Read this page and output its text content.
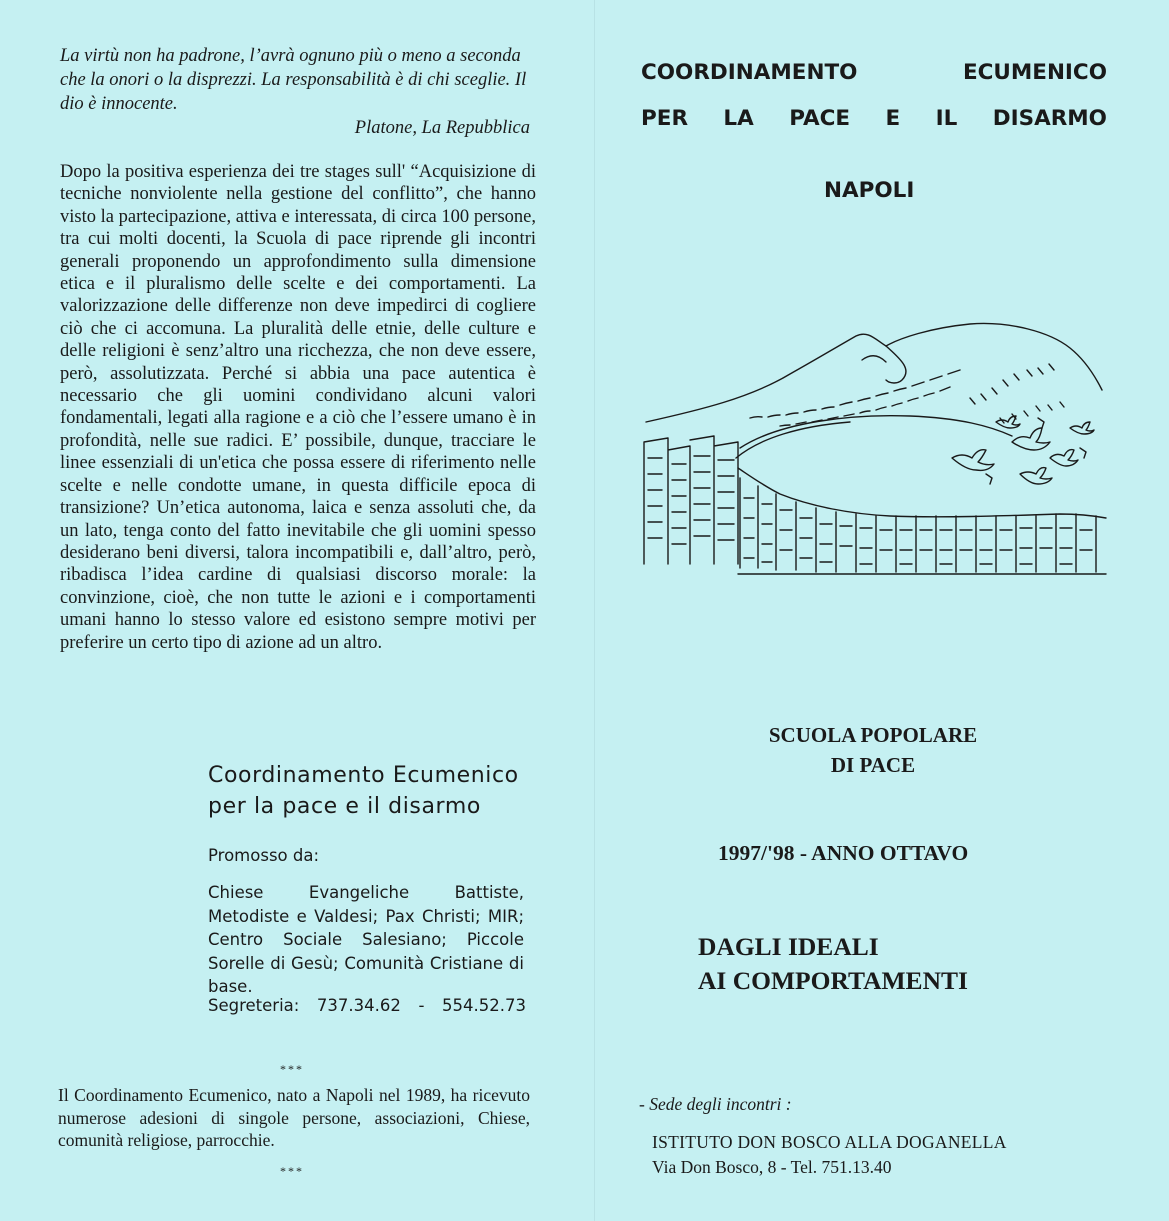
La virtù non ha padrone, l’avrà ognuno più o meno a seconda che la onori o la disprezzi. La responsabilità è di chi sceglie. Il dio è innocente.
Platone, La Repubblica
Dopo la positiva esperienza dei tre stages sull' “Acquisizione di tecniche nonviolente nella gestione del conflitto”, che hanno visto la partecipazione, attiva e interessata, di circa 100 persone, tra cui molti docenti, la Scuola di pace riprende gli incontri generali proponendo un approfondimento sulla dimensione etica e il pluralismo delle scelte e dei comportamenti. La valorizzazione delle differenze non deve impedirci di cogliere ciò che ci accomuna. La pluralità delle etnie, delle culture e delle religioni è senz’altro una ricchezza, che non deve essere, però, assolutizzata. Perché si abbia una pace autentica è necessario che gli uomini condividano alcuni valori fondamentali, legati alla ragione e a ciò che l’essere umano è in profondità, nelle sue radici. E’ possibile, dunque, tracciare le linee essenziali di un'etica che possa essere di riferimento nelle scelte e nelle condotte umane, in questa difficile epoca di transizione? Un’etica autonoma, laica e senza assoluti che, da un lato, tenga conto del fatto inevitabile che gli uomini spesso desiderano beni diversi, talora incompatibili e, dall’altro, però, ribadisca l’idea cardine di qualsiasi discorso morale: la convinzione, cioè, che non tutte le azioni e i comportamenti umani hanno lo stesso valore ed esistono sempre motivi per preferire un certo tipo di azione ad un altro.
Coordinamento Ecumenico
per la pace e il disarmo
Promosso da:
Chiese Evangeliche Battiste, Metodiste e Valdesi; Pax Christi; MIR; Centro Sociale Salesiano; Piccole Sorelle di Gesù; Comunità Cristiane di base.
Segreteria: 737.34.62 - 554.52.73
***
Il Coordinamento Ecumenico, nato a Napoli nel 1989, ha ricevuto numerose adesioni di singole persone, associazioni, Chiese, comunità religiose, parrocchie.
***
COORDINAMENTO	ECUMENICO
PER LA PACE E IL DISARMO
NAPOLI
SCUOLA POPOLARE
DI PACE
1997/'98 - ANNO OTTAVO
DAGLI IDEALI
AI COMPORTAMENTI
- Sede degli incontri :
ISTITUTO DON BOSCO ALLA DOGANELLA
Via Don Bosco, 8 - Tel. 751.13.40
